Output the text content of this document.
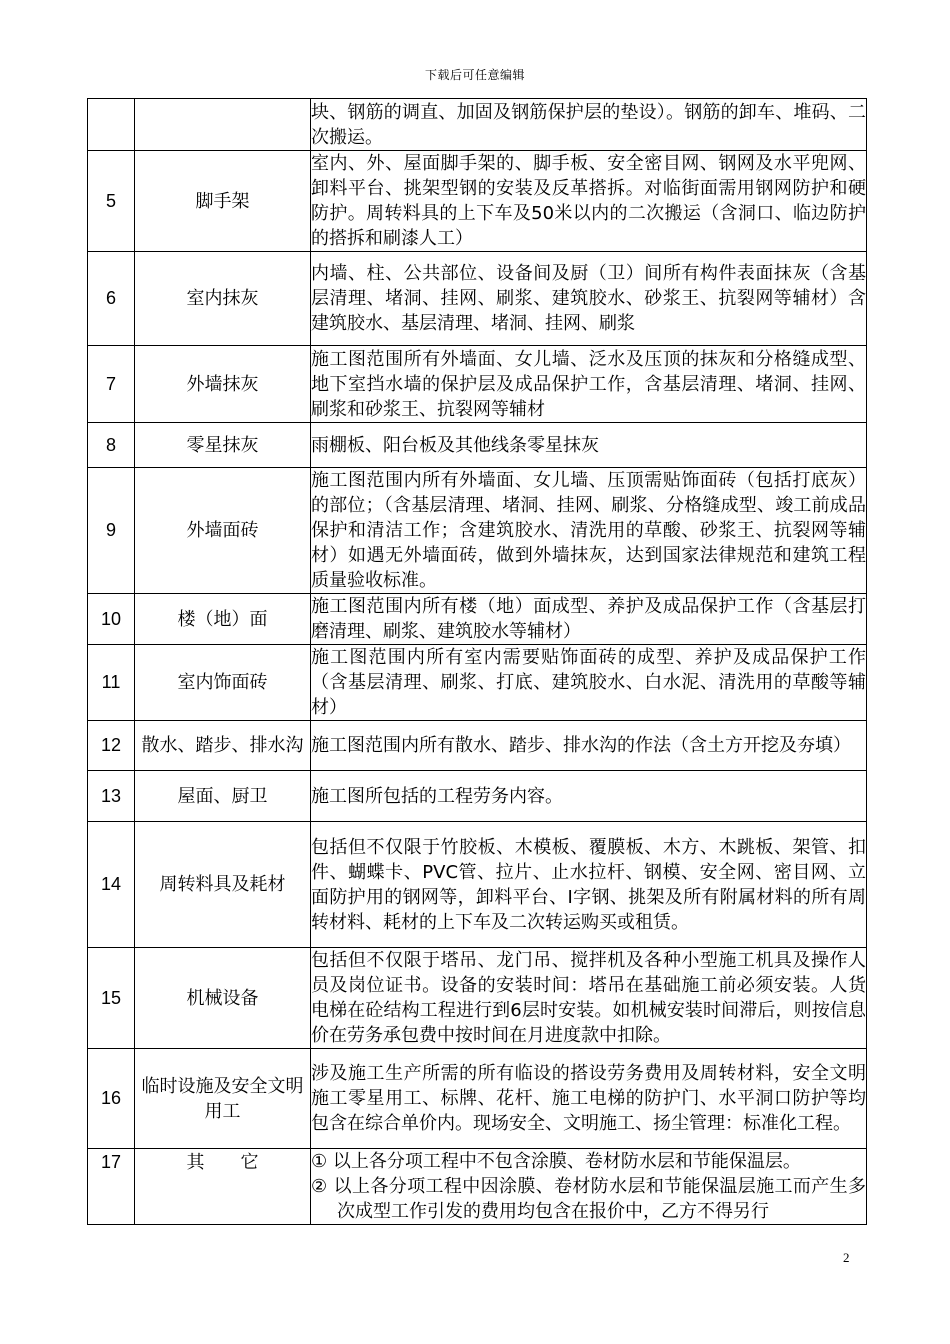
下载后可任意编辑
		块、钢筋的调直、加固及钢筋保护层的垫设）。钢筋的卸车、堆码、二次搬运。
5	脚手架	室内、外、屋面脚手架的、脚手板、安全密目网、钢网及水平兜网、卸料平台、挑架型钢的安装及反革搭拆。对临街面需用钢网防护和硬防护。周转料具的上下车及50米以内的二次搬运（含洞口、临边防护的搭拆和刷漆人工）
6	室内抹灰	内墙、柱、公共部位、设备间及厨（卫）间所有构件表面抹灰（含基层清理、堵洞、挂网、刷浆、建筑胶水、砂浆王、抗裂网等辅材）含建筑胶水、基层清理、堵洞、挂网、刷浆
7	外墙抹灰	施工图范围所有外墙面、女儿墙、泛水及压顶的抹灰和分格缝成型、地下室挡水墙的保护层及成品保护工作，含基层清理、堵洞、挂网、刷浆和砂浆王、抗裂网等辅材
8	零星抹灰	雨棚板、阳台板及其他线条零星抹灰
9	外墙面砖	施工图范围内所有外墙面、女儿墙、压顶需贴饰面砖（包括打底灰）的部位；（含基层清理、堵洞、挂网、刷浆、分格缝成型、竣工前成品保护和清洁工作；含建筑胶水、清洗用的草酸、砂浆王、抗裂网等辅材）如遇无外墙面砖，做到外墙抹灰，达到国家法律规范和建筑工程质量验收标准。
10	楼（地）面	施工图范围内所有楼（地）面成型、养护及成品保护工作（含基层打磨清理、刷浆、建筑胶水等辅材）
11	室内饰面砖	施工图范围内所有室内需要贴饰面砖的成型、养护及成品保护工作（含基层清理、刷浆、打底、建筑胶水、白水泥、清洗用的草酸等辅材）
12	散水、踏步、排水沟	施工图范围内所有散水、踏步、排水沟的作法（含土方开挖及夯填）
13	屋面、厨卫	施工图所包括的工程劳务内容。
14	周转料具及耗材	包括但不仅限于竹胶板、木模板、覆膜板、木方、木跳板、架管、扣件、蝴蝶卡、PVC管、拉片、止水拉杆、钢模、安全网、密目网、立面防护用的钢网等，卸料平台、I字钢、挑架及所有附属材料的所有周转材料、耗材的上下车及二次转运购买或租赁。
15	机械设备	包括但不仅限于塔吊、龙门吊、搅拌机及各种小型施工机具及操作人员及岗位证书。设备的安装时间：塔吊在基础施工前必须安装。人货电梯在砼结构工程进行到6层时安装。如机械安装时间滞后，则按信息价在劳务承包费中按时间在月进度款中扣除。
16	临时设施及安全文明用工	涉及施工生产所需的所有临设的搭设劳务费用及周转材料，安全文明施工零星用工、标牌、花杆、施工电梯的防护门、水平洞口防护等均包含在综合单价内。现场安全、文明施工、扬尘管理：标准化工程。
17	其　　它	① 以上各分项工程中不包含涂膜、卷材防水层和节能保温层。
② 以上各分项工程中因涂膜、卷材防水层和节能保温层施工而产生多次成型工作引发的费用均包含在报价中，乙方不得另行
2
